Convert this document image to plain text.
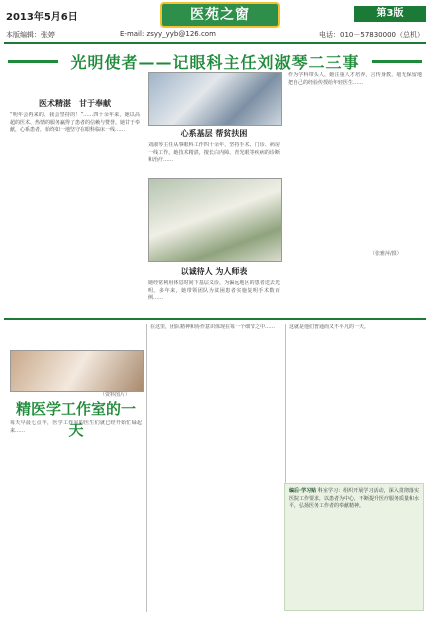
2013年5月6日	医苑之窗	第3版
本版编辑：张婷	E-mail: zsyy_yyb@126.com	电话：010－57830000（总机）
光明使者——记眼科主任刘淑琴二三事
医术精湛　甘于奉献
“明年会再来的，我会坚持的！”……四十余年来，她以高超的医术、热情的服务赢得了患者的信赖与赞誉。她甘于奉献，心系患者，始终如一地坚守在眼科临床一线……	心系基层 帮贫扶困
刘淑琴主任从事眼科工作四十余年，坚持手术、门诊、病房一线工作。她技术精湛，擅长白内障、青光眼等疾病的诊断和治疗……
以诚待人 为人师表
她经常利用休息时间下基层义诊，为偏远地区的患者送去光明。多年来，她带领团队为贫困患者实施复明手术数百例……
作为学科带头人，她注重人才培养，言传身教，毫无保留地把自己的经验传授给年轻医生……
（张雅萍/摄）
（资料图片）
精医学工作室的一天
每天早晨七点半，医学工作室的医生们就已经开始忙碌起来……
在这里，团队精神和协作意识体现在每一个细节之中……	这就是他们普通而又不平凡的一天。
编后·学习贴 科室学习：组织开展学习活动，深入贯彻落实医院工作要求，以患者为中心，不断提升医疗服务质量和水平，弘扬医务工作者的奉献精神。
